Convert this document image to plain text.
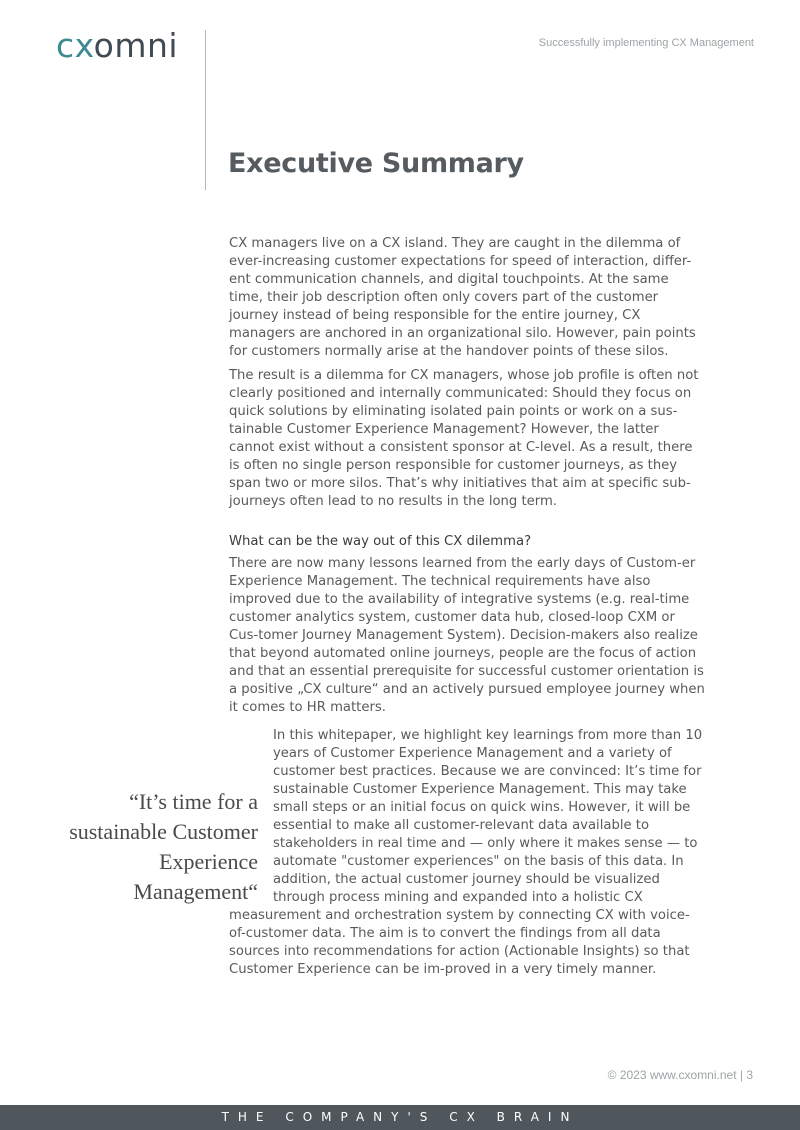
cxomni	Successfully implementing CX Management
Executive Summary

CX managers live on a CX island. They are caught in the dilemma of ever-increasing customer expectations for speed of interaction, differ-ent communication channels, and digital touchpoints. At the same time, their job description often only covers part of the customer journey instead of being responsible for the entire journey, CX managers are anchored in an organizational silo. However, pain points for customers normally arise at the handover points of these silos.

The result is a dilemma for CX managers, whose job profile is often not clearly positioned and internally communicated: Should they focus on quick solutions by eliminating isolated pain points or work on a sus-tainable Customer Experience Management? However, the latter cannot exist without a consistent sponsor at C-level. As a result, there is often no single person responsible for customer journeys, as they span two or more silos. That’s why initiatives that aim at specific sub-journeys often lead to no results in the long term.

What can be the way out of this CX dilemma?

There are now many lessons learned from the early days of Custom-er Experience Management. The technical requirements have also improved due to the availability of integrative systems (e.g. real-time customer analytics system, customer data hub, closed-loop CXM or Cus-tomer Journey Management System). Decision-makers also realize that beyond automated online journeys, people are the focus of action and that an essential prerequisite for successful customer orientation is a positive „CX culture“ and an actively pursued employee journey when it comes to HR matters.

In this whitepaper, we highlight key learnings from more than 10 years of Customer Experience Management and a variety of customer best practices. Because we are convinced: It’s time for sustainable Customer Experience Management. This may take small steps or an initial focus on quick wins. However, it will be essential to make all customer-relevant data available to stakeholders in real time and — only where it makes sense — to automate "customer experiences" on the basis of this data. In addition, the actual customer journey should be visualized through process mining and expanded into a holistic CX measurement and orchestration system by connecting CX with voice-of-customer data. The aim is to convert the findings from all data sources into recommendations for action (Actionable Insights) so that Customer Experience can be im-proved in a very timely manner.

“It’s time for a sustainable Customer Experience Management“
© 2023 www.cxomni.net | 3
THE COMPANY'S CX BRAIN
